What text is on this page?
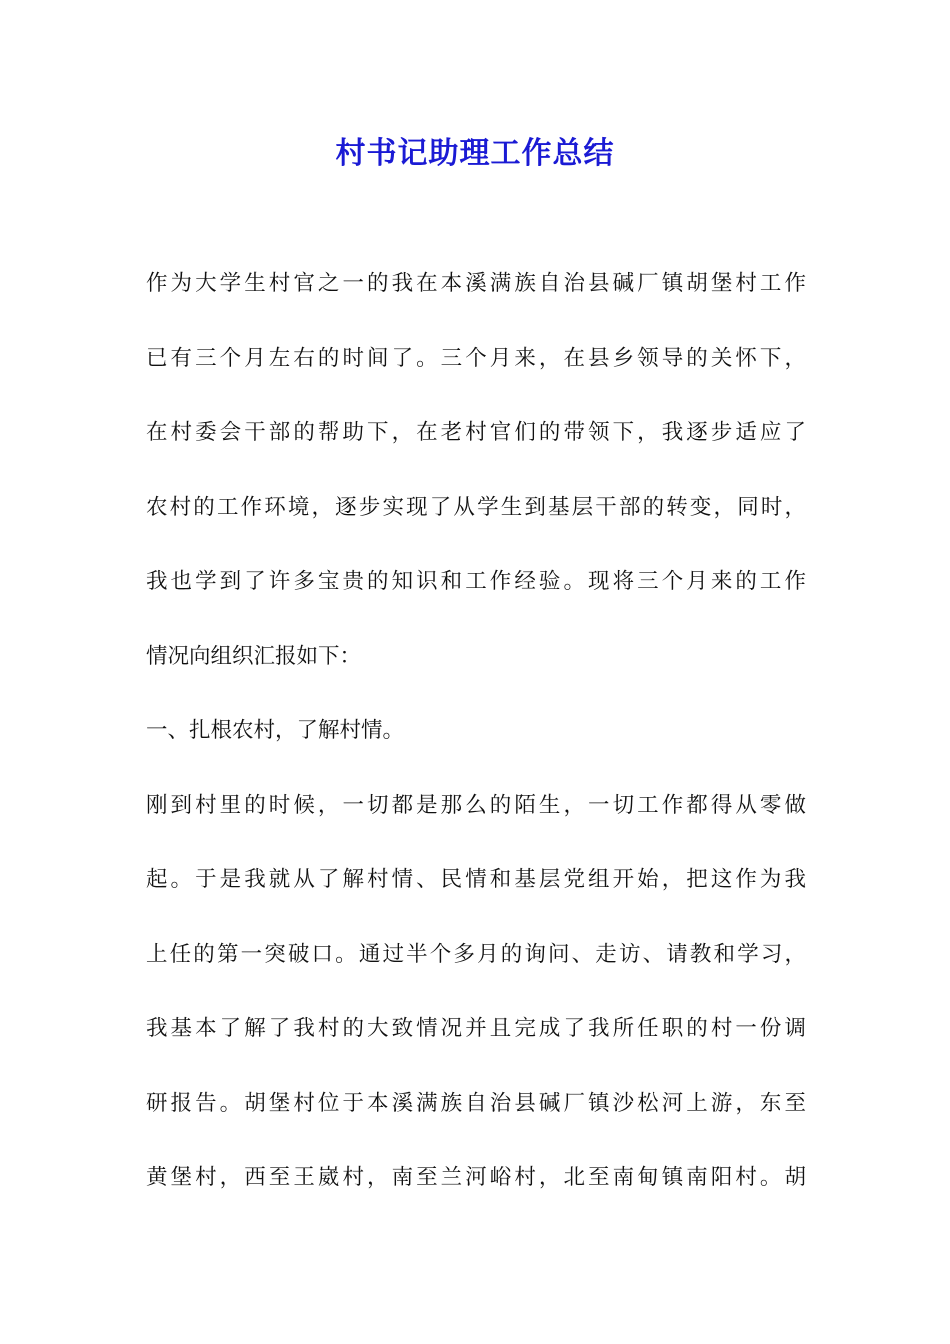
村书记助理工作总结
作为大学生村官之一的我在本溪满族自治县碱厂镇胡堡村工作
已有三个月左右的时间了。三个月来，在县乡领导的关怀下，
在村委会干部的帮助下，在老村官们的带领下，我逐步适应了
农村的工作环境，逐步实现了从学生到基层干部的转变，同时，
我也学到了许多宝贵的知识和工作经验。现将三个月来的工作
情况向组织汇报如下：
一、扎根农村，了解村情。
刚到村里的时候，一切都是那么的陌生，一切工作都得从零做
起。于是我就从了解村情、民情和基层党组开始，把这作为我
上任的第一突破口。通过半个多月的询问、走访、请教和学习，
我基本了解了我村的大致情况并且完成了我所任职的村一份调
研报告。胡堡村位于本溪满族自治县碱厂镇沙松河上游，东至
黄堡村，西至王崴村，南至兰河峪村，北至南甸镇南阳村。胡
